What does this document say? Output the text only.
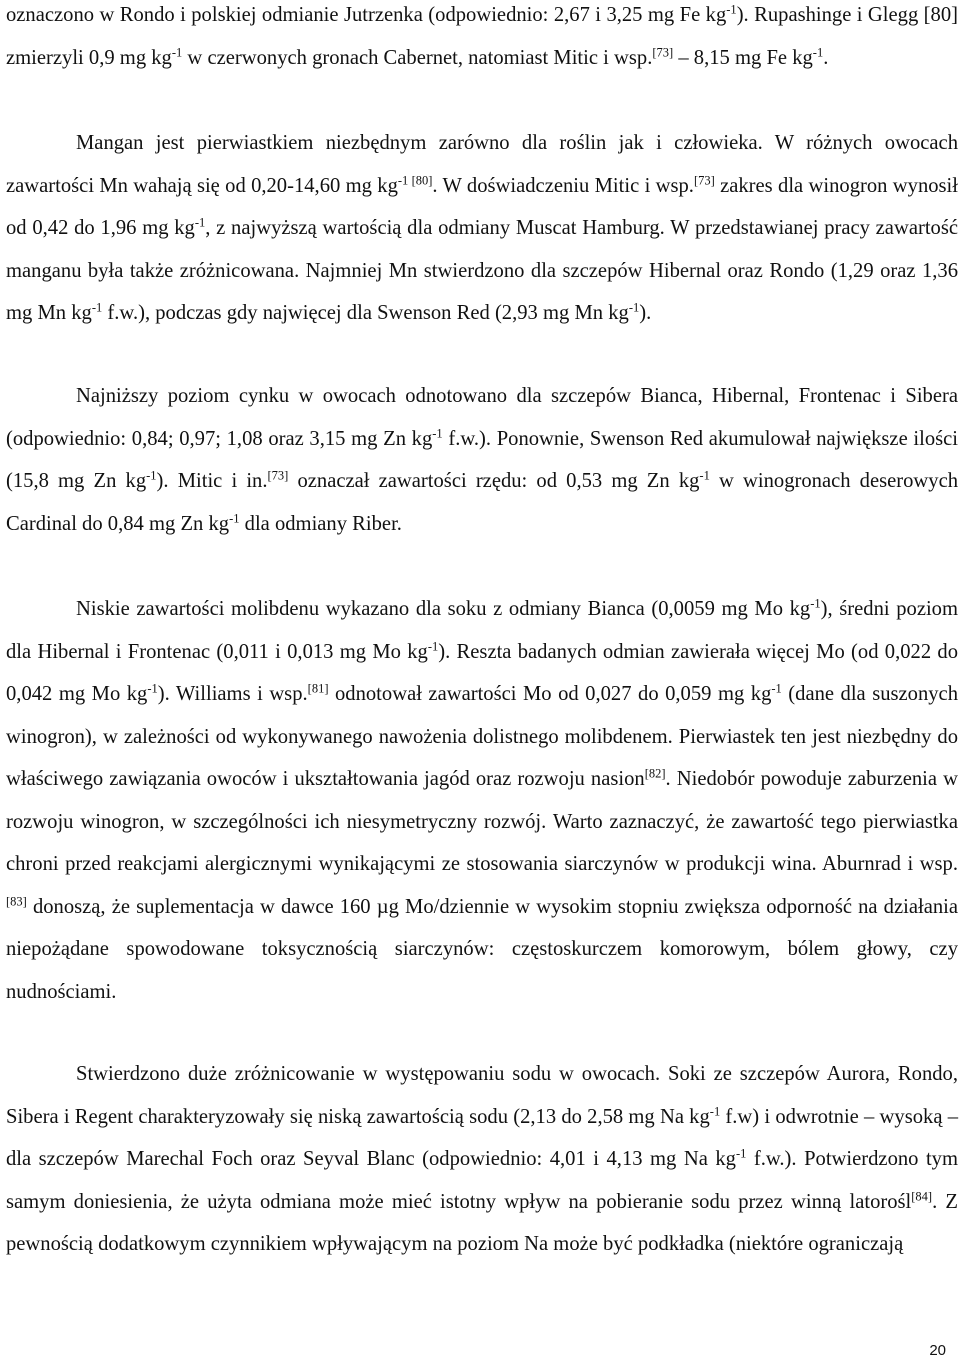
oznaczono w Rondo i polskiej odmianie Jutrzenka (odpowiednio: 2,67 i 3,25 mg Fe $kg^{-1}$). Rupashinge i Glegg [80] zmierzyli 0,9 mg $kg^{-1}$ w czerwonych gronach Cabernet, natomiast Mitic i wsp.[73] – 8,15 mg Fe $kg^{-1}$.

Mangan jest pierwiastkiem niezbędnym zarówno dla roślin jak i człowieka. W różnych owocach zawartości Mn wahają się od 0,20-14,60 mg $kg^{-1 [80]}$. W doświadczeniu Mitic i wsp.[73] zakres dla winogron wynosił od 0,42 do 1,96 mg $kg^{-1}$, z najwyższą wartością dla odmiany Muscat Hamburg. W przedstawianej pracy zawartość manganu była także zróżnicowana. Najmniej Mn stwierdzono dla szczepów Hibernal oraz Rondo (1,29 oraz 1,36 mg Mn $kg^{-1}$ f.w.), podczas gdy najwięcej dla Swenson Red (2,93 mg Mn $kg^{-1}$).

Najniższy poziom cynku w owocach odnotowano dla szczepów Bianca, Hibernal, Frontenac i Sibera (odpowiednio: 0,84; 0,97; 1,08 oraz 3,15 mg Zn $kg^{-1}$ f.w.). Ponownie, Swenson Red akumulował największe ilości (15,8 mg Zn $kg^{-1}$). Mitic i in.[73] oznaczał zawartości rzędu: od 0,53 mg Zn $kg^{-1}$ w winogronach deserowych Cardinal do 0,84 mg Zn $kg^{-1}$ dla odmiany Riber.

Niskie zawartości molibdenu wykazano dla soku z odmiany Bianca (0,0059 mg Mo $kg^{-1}$), średni poziom dla Hibernal i Frontenac (0,011 i 0,013 mg Mo $kg^{-1}$). Reszta badanych odmian zawierała więcej Mo (od 0,022 do 0,042 mg Mo $kg^{-1}$). Williams i wsp.[81] odnotował zawartości Mo od 0,027 do 0,059 mg $kg^{-1}$ (dane dla suszonych winogron), w zależności od wykonywanego nawożenia dolistnego molibdenem. Pierwiastek ten jest niezbędny do właściwego zawiązania owoców i ukształtowania jagód oraz rozwoju nasion[82]. Niedobór powoduje zaburzenia w rozwoju winogron, w szczególności ich niesymetryczny rozwój. Warto zaznaczyć, że zawartość tego pierwiastka chroni przed reakcjami alergicznymi wynikającymi ze stosowania siarczynów w produkcji wina. Aburnrad i wsp.[83] donoszą, że suplementacja w dawce 160 µg Mo/dziennie w wysokim stopniu zwiększa odporność na działania niepożądane spowodowane toksycznością siarczynów: częstoskurczem komorowym, bólem głowy, czy nudnościami.

Stwierdzono duże zróżnicowanie w występowaniu sodu w owocach. Soki ze szczepów Aurora, Rondo, Sibera i Regent charakteryzowały się niską zawartością sodu (2,13 do 2,58 mg Na $kg^{-1}$ f.w) i odwrotnie – wysoką – dla szczepów Marechal Foch oraz Seyval Blanc (odpowiednio: 4,01 i 4,13 mg Na $kg^{-1}$ f.w.). Potwierdzono tym samym doniesienia, że użyta odmiana może mieć istotny wpływ na pobieranie sodu przez winną latorośl[84]. Z pewnością dodatkowym czynnikiem wpływającym na poziom Na może być podkładka (niektóre ograniczają

20
